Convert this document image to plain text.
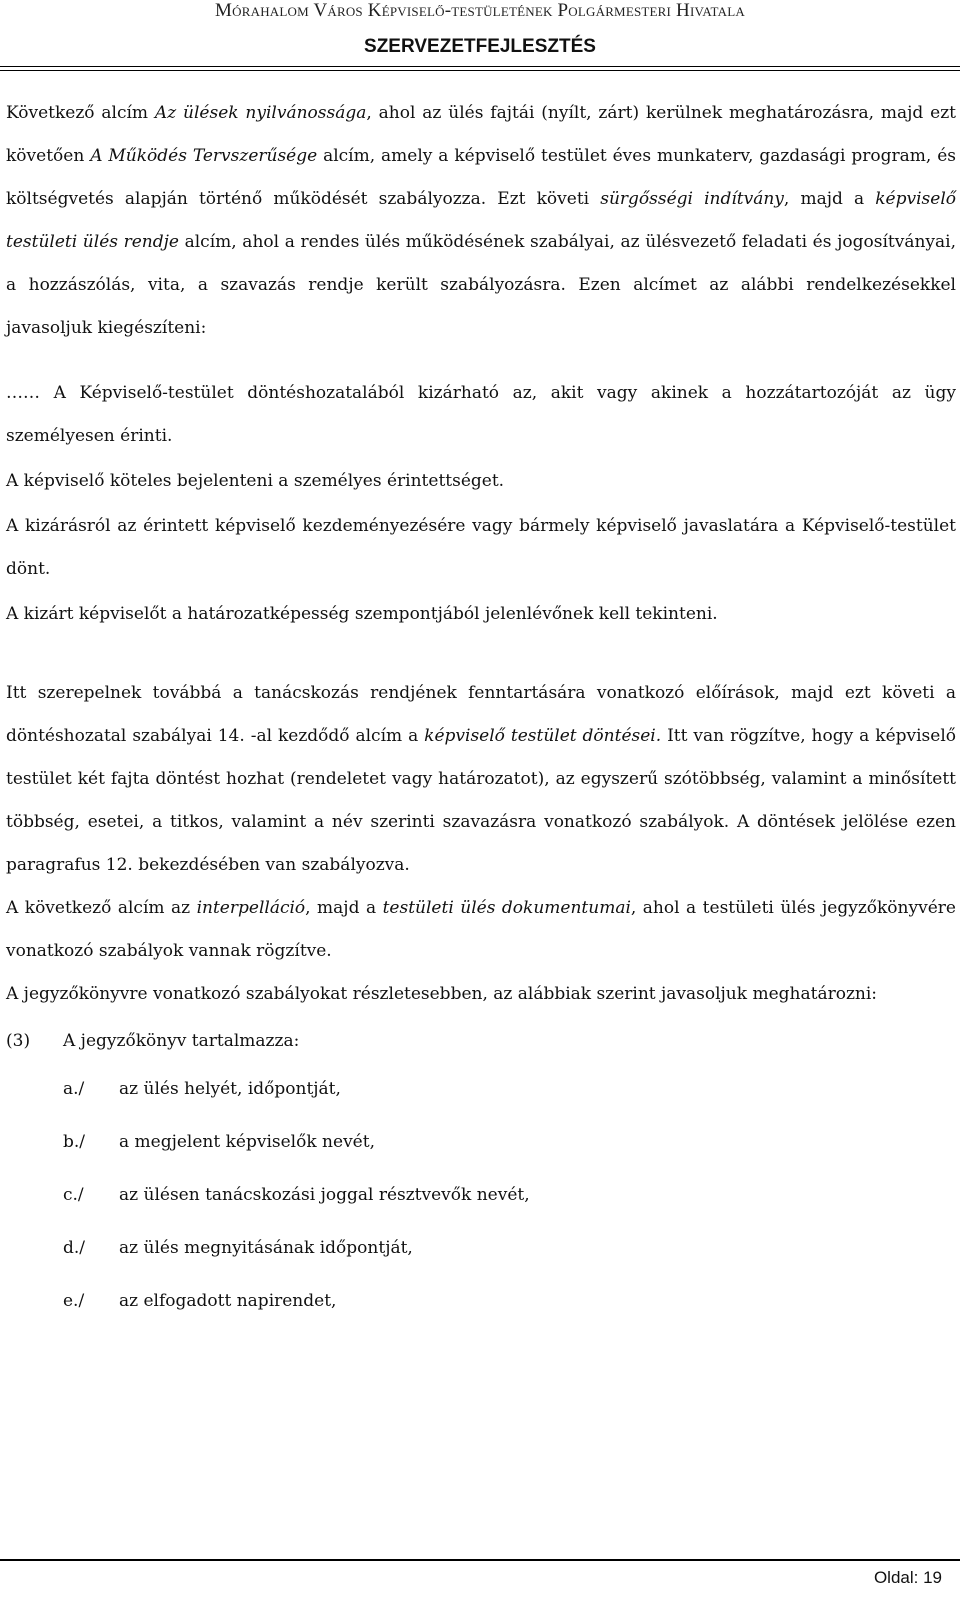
Mórahalom Város Képviselő-testületének Polgármesteri Hivatala
SZERVEZETFEJLESZTÉS

Következő alcím Az ülések nyilvánossága, ahol az ülés fajtái (nyílt, zárt) kerülnek meghatározásra, majd ezt követően A Működés Tervszerűsége alcím, amely a képviselő testület éves munkaterv, gazdasági program, és költségvetés alapján történő működését szabályozza. Ezt követi sürgősségi indítvány, majd a képviselő testületi ülés rendje alcím, ahol a rendes ülés működésének szabályai, az ülésvezető feladati és jogosítványai, a hozzászólás, vita, a szavazás rendje került szabályozásra. Ezen alcímet az alábbi rendelkezésekkel javasoljuk kiegészíteni:

…… A Képviselő-testület döntéshozatalából kizárható az, akit vagy akinek a hozzátartozóját az ügy személyesen érinti.

A képviselő köteles bejelenteni a személyes érintettséget.

A kizárásról az érintett képviselő kezdeményezésére vagy bármely képviselő javaslatára a Képviselő-testület dönt.

A kizárt képviselőt a határozatképesség szempontjából jelenlévőnek kell tekinteni.

Itt szerepelnek továbbá a tanácskozás rendjének fenntartására vonatkozó előírások, majd ezt követi a döntéshozatal szabályai 14. -al kezdődő alcím a képviselő testület döntései. Itt van rögzítve, hogy a képviselő testület két fajta döntést hozhat (rendeletet vagy határozatot), az egyszerű szótöbbség, valamint a minősített többség, esetei, a titkos, valamint a név szerinti szavazásra vonatkozó szabályok. A döntések jelölése ezen paragrafus 12. bekezdésében van szabályozva.

A következő alcím az interpelláció, majd a testületi ülés dokumentumai, ahol a testületi ülés jegyzőkönyvére vonatkozó szabályok vannak rögzítve.

A jegyzőkönyvre vonatkozó szabályokat részletesebben, az alábbiak szerint javasoljuk meghatározni:

(3)	A jegyzőkönyv tartalmazza:
a./	az ülés helyét, időpontját,
b./	a megjelent képviselők nevét,
c./	az ülésen tanácskozási joggal résztvevők nevét,
d./	az ülés megnyitásának időpontját,
e./	az elfogadott napirendet,
Oldal: 19
